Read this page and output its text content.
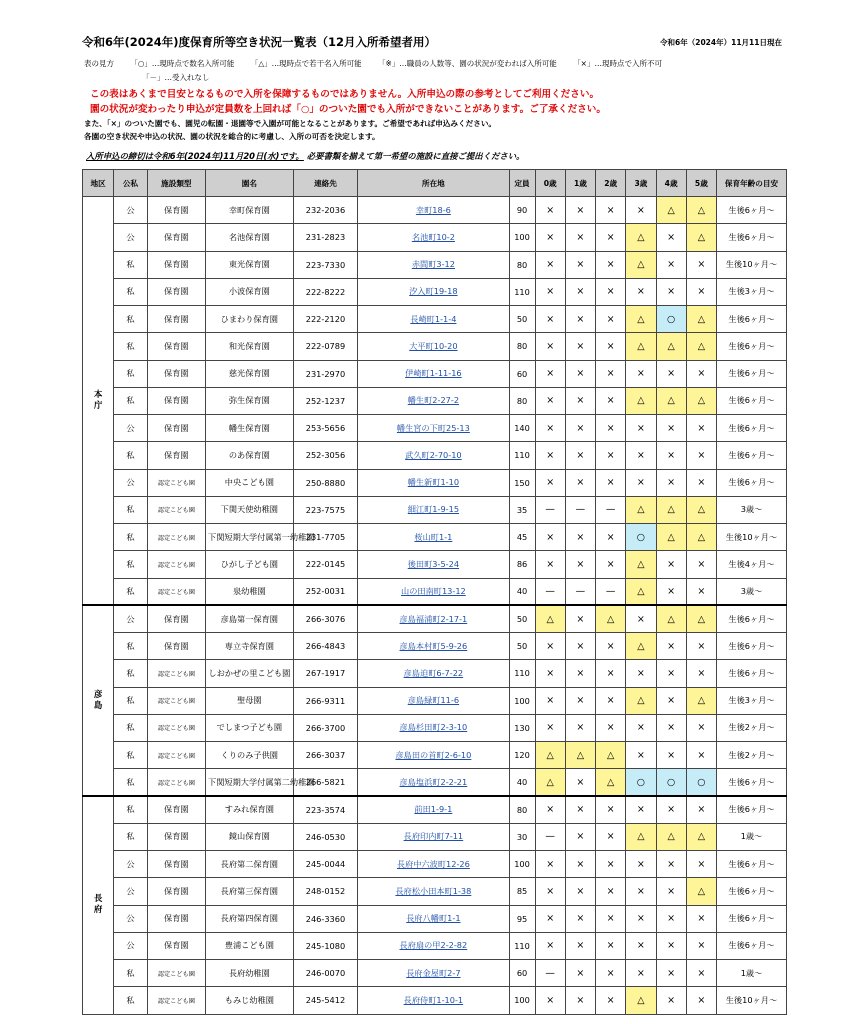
令和6年(2024年)度保育所等空き状況一覧表（12月入所希望者用）	令和6年（2024年）11月11日現在
表の見方 「○」…現時点で数名入所可能 「△」…現時点で若干名入所可能 「※」…職員の人数等、園の状況が変われば入所可能 「×」…現時点で入所不可
「－」…受入れなし
この表はあくまで目安となるもので入所を保障するものではありません。入所申込の際の参考としてご利用ください。
園の状況が変わったり申込が定員数を上回れば「○」のついた園でも入所ができないことがあります。ご了承ください。
また、「×」のついた園でも、園児の転園・退園等で入園が可能となることがあります。ご希望であれば申込みください。
各園の空き状況や申込の状況、園の状況を総合的に考慮し、入所の可否を決定します。
入所申込の締切は令和6年(2024年)11月20日(水)です。 必要書類を揃えて第一希望の施設に直接ご提出ください。
地区	公私	施設類型	園名	連絡先	所在地	定員	0歳	1歳	2歳	3歳	4歳	5歳	保育年齢の目安
本庁	公	保育園	幸町保育園	232-2036	幸町18-6	90	×	×	×	×	△	△	生後6ヶ月～
	公	保育園	名池保育園	231-2823	名池町10-2	100	×	×	×	△	×	△	生後6ヶ月～
	私	保育園	東光保育園	223-7330	赤間町3-12	80	×	×	×	△	×	×	生後10ヶ月～
	私	保育園	小波保育園	222-8222	汐入町19-18	110	×	×	×	×	×	×	生後3ヶ月～
	私	保育園	ひまわり保育園	222-2120	長崎町1-1-4	50	×	×	×	△	○	△	生後6ヶ月～
	私	保育園	和光保育園	222-0789	大平町10-20	80	×	×	×	△	△	△	生後6ヶ月～
	私	保育園	慈光保育園	231-2970	伊崎町1-11-16	60	×	×	×	×	×	×	生後6ヶ月～
	私	保育園	弥生保育園	252-1237	幡生町2-27-2	80	×	×	×	△	△	△	生後6ヶ月～
	公	保育園	幡生保育園	253-5656	幡生宮の下町25-13	140	×	×	×	×	×	×	生後6ヶ月～
	私	保育園	のあ保育園	252-3056	武久町2-70-10	110	×	×	×	×	×	×	生後6ヶ月～
	公	認定こども園	中央こども園	250-8880	幡生新町1-10	150	×	×	×	×	×	×	生後6ヶ月～
	私	認定こども園	下関天使幼稚園	223-7575	細江町1-9-15	35	—	—	—	△	△	△	3歳～
	私	認定こども園	下関短期大学付属第一幼稚園	231-7705	桜山町1-1	45	×	×	×	○	△	△	生後10ヶ月～
	私	認定こども園	ひがし子ども園	222-0145	後田町3-5-24	86	×	×	×	△	×	×	生後4ヶ月～
	私	認定こども園	泉幼稚園	252-0031	山の田南町13-12	40	—	—	—	△	×	×	3歳～
彦島	公	保育園	彦島第一保育園	266-3076	彦島福浦町2-17-1	50	△	×	△	×	△	△	生後6ヶ月～
	私	保育園	専立寺保育園	266-4843	彦島本村町5-9-26	50	×	×	×	△	×	×	生後6ヶ月～
	私	認定こども園	しおかぜの里こども園	267-1917	彦島迫町6-7-22	110	×	×	×	×	×	×	生後6ヶ月～
	私	認定こども園	聖母園	266-9311	彦島緑町11-6	100	×	×	×	△	×	△	生後3ヶ月～
	私	認定こども園	でしまつ子ども園	266-3700	彦島杉田町2-3-10	130	×	×	×	×	×	×	生後2ヶ月～
	私	認定こども園	くりのみ子供園	266-3037	彦島田の首町2-6-10	120	△	△	△	×	×	×	生後2ヶ月～
	私	認定こども園	下関短期大学付属第二幼稚園	266-5821	彦島塩浜町2-2-21	40	△	×	△	○	○	○	生後6ヶ月～
長府	私	保育園	すみれ保育園	223-3574	前田1-9-1	80	×	×	×	×	×	×	生後6ヶ月～
	私	保育園	鏡山保育園	246-0530	長府印内町7-11	30	—	×	×	△	△	△	1歳～
	公	保育園	長府第二保育園	245-0044	長府中六波町12-26	100	×	×	×	×	×	×	生後6ヶ月～
	公	保育園	長府第三保育園	248-0152	長府松小田本町1-38	85	×	×	×	×	×	△	生後6ヶ月～
	公	保育園	長府第四保育園	246-3360	長府八幡町1-1	95	×	×	×	×	×	×	生後6ヶ月～
	公	保育園	豊浦こども園	245-1080	長府扇の甲2-2-82	110	×	×	×	×	×	×	生後6ヶ月～
	私	認定こども園	長府幼稚園	246-0070	長府金屋町2-7	60	—	×	×	×	×	×	1歳～
	私	認定こども園	もみじ幼稚園	245-5412	長府侍町1-10-1	100	×	×	×	△	×	×	生後10ヶ月～
